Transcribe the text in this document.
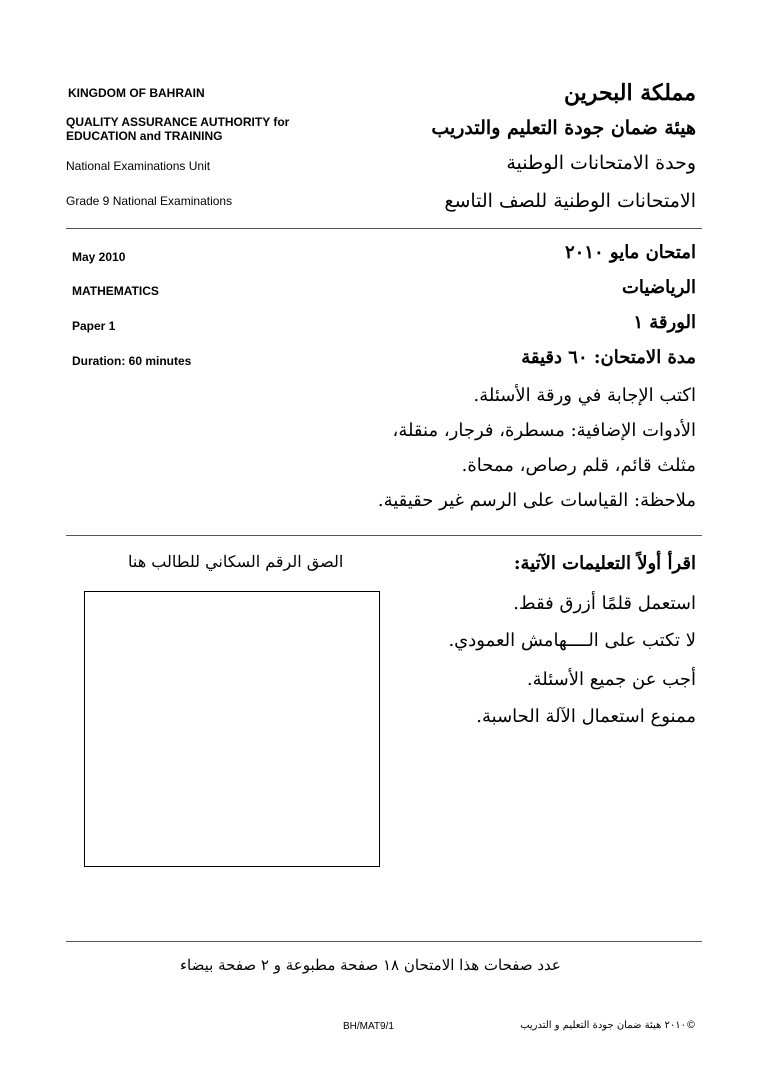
KINGDOM OF BAHRAIN
QUALITY ASSURANCE AUTHORITY for
EDUCATION and TRAINING
National Examinations Unit
Grade 9 National Examinations
مملكة البحرين
هيئة ضمان جودة التعليم والتدريب
وحدة الامتحانات الوطنية
الامتحانات الوطنية للصف التاسع
May 2010
MATHEMATICS
Paper 1
Duration: 60 minutes
امتحان مايو ٢٠١٠
الرياضيات
الورقة ١
مدة الامتحان: ٦٠ دقيقة
اكتب الإجابة في ورقة الأسئلة.
الأدوات الإضافية: مسطرة، فرجار، منقلة،
مثلث قائم، قلم رصاص، ممحاة.
ملاحظة: القياسات على الرسم غير حقيقية.
اقرأ أولاً التعليمات الآتية:
الصق الرقم السكاني للطالب هنا
استعمل قلمًا أزرق فقط.
لا تكتب على الــــهامش العمودي.
أجب عن جميع الأسئلة.
ممنوع استعمال الآلة الحاسبة.
عدد صفحات هذا الامتحان ١٨ صفحة مطبوعة و ٢ صفحة بيضاء
BH/MAT9/1	©٢٠١٠ هيئة ضمان جودة التعليم و التدريب
